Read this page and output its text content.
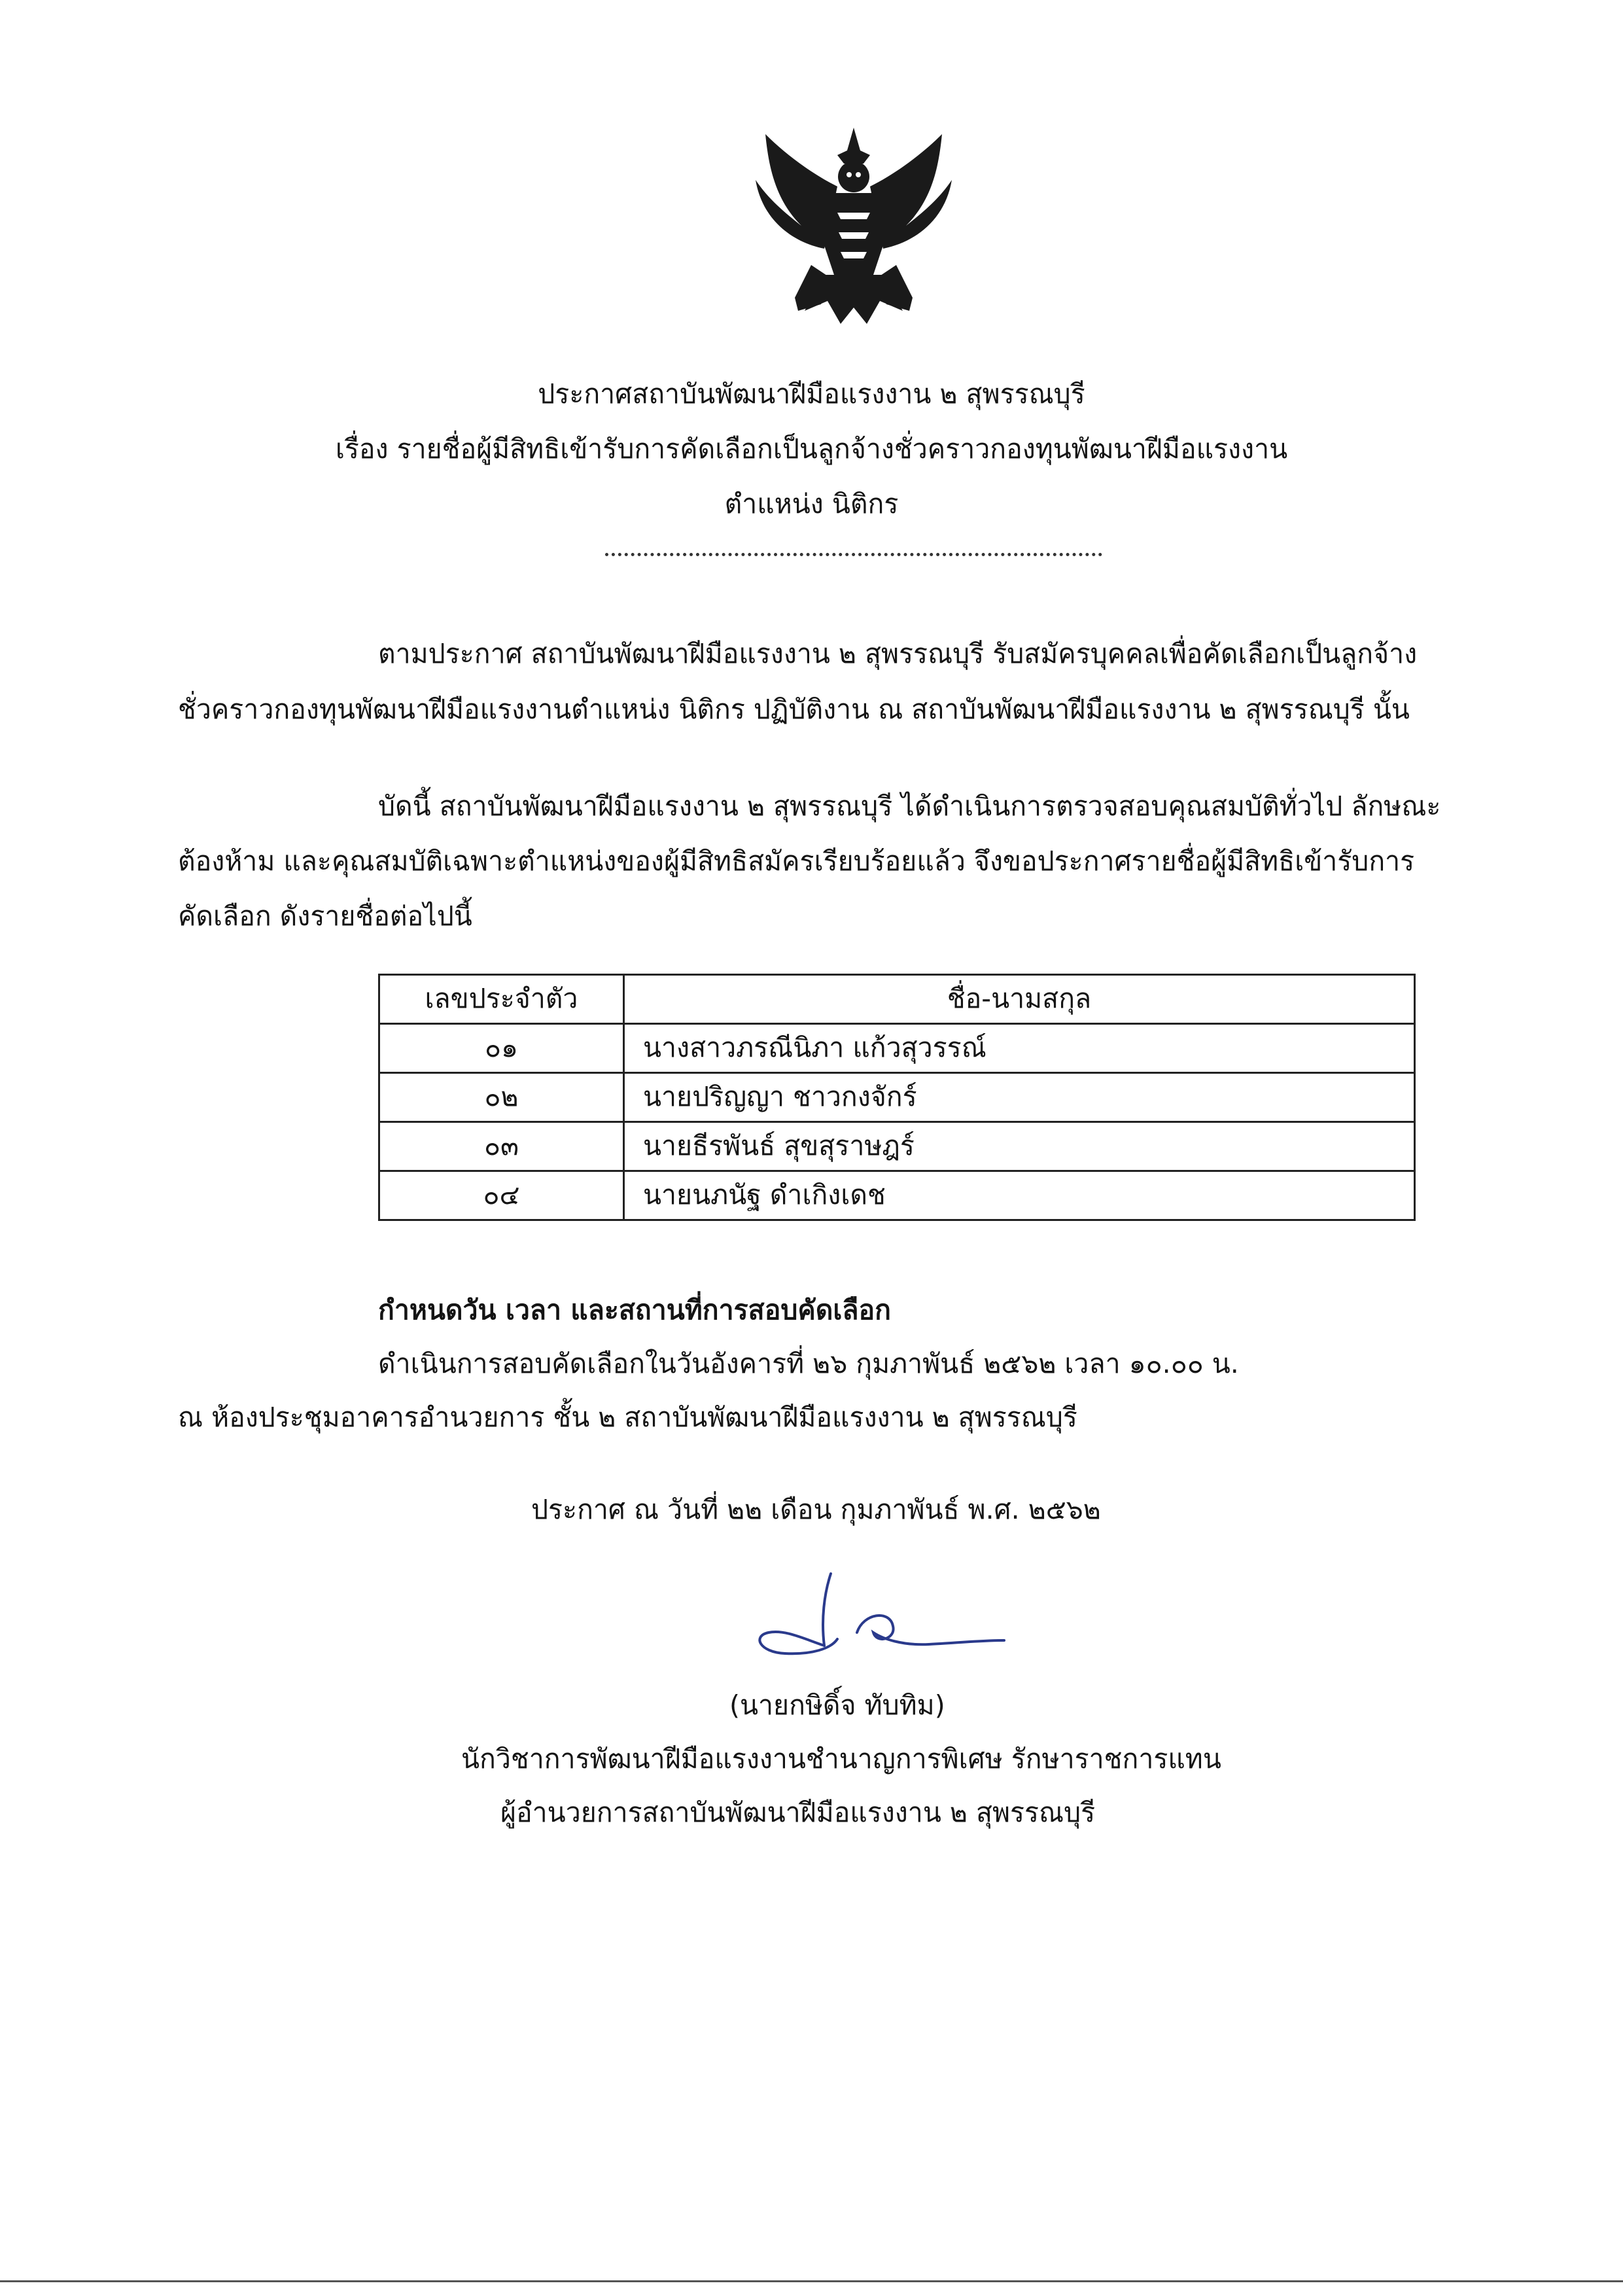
ประกาศสถาบันพัฒนาฝีมือแรงงาน ๒ สุพรรณบุรี
เรื่อง รายชื่อผู้มีสิทธิเข้ารับการคัดเลือกเป็นลูกจ้างชั่วคราวกองทุนพัฒนาฝีมือแรงงาน
ตำแหน่ง นิติกร
ตามประกาศ สถาบันพัฒนาฝีมือแรงงาน ๒ สุพรรณบุรี รับสมัครบุคคลเพื่อคัดเลือกเป็นลูกจ้าง
ชั่วคราวกองทุนพัฒนาฝีมือแรงงานตำแหน่ง นิติกร ปฏิบัติงาน ณ สถาบันพัฒนาฝีมือแรงงาน ๒ สุพรรณบุรี นั้น
บัดนี้ สถาบันพัฒนาฝีมือแรงงาน ๒ สุพรรณบุรี ได้ดำเนินการตรวจสอบคุณสมบัติทั่วไป ลักษณะ
ต้องห้าม และคุณสมบัติเฉพาะตำแหน่งของผู้มีสิทธิสมัครเรียบร้อยแล้ว จึงขอประกาศรายชื่อผู้มีสิทธิเข้ารับการ
คัดเลือก ดังรายชื่อต่อไปนี้
เลขประจำตัว	ชื่อ-นามสกุล
๐๑	นางสาวภรณีนิภา แก้วสุวรรณ์
๐๒	นายปริญญา ชาวกงจักร์
๐๓	นายธีรพันธ์ สุขสุราษฎร์
๐๔	นายนภนัฐ ดำเกิงเดช
กำหนดวัน เวลา และสถานที่การสอบคัดเลือก
ดำเนินการสอบคัดเลือกในวันอังคารที่ ๒๖ กุมภาพันธ์ ๒๕๖๒ เวลา ๑๐.๐๐ น.
ณ ห้องประชุมอาคารอำนวยการ ชั้น ๒ สถาบันพัฒนาฝีมือแรงงาน ๒ สุพรรณบุรี
ประกาศ ณ วันที่ ๒๒ เดือน กุมภาพันธ์ พ.ศ. ๒๕๖๒
(นายกษิดิ์จ ทับทิม)
นักวิชาการพัฒนาฝีมือแรงงานชำนาญการพิเศษ รักษาราชการแทน
ผู้อำนวยการสถาบันพัฒนาฝีมือแรงงาน ๒ สุพรรณบุรี
